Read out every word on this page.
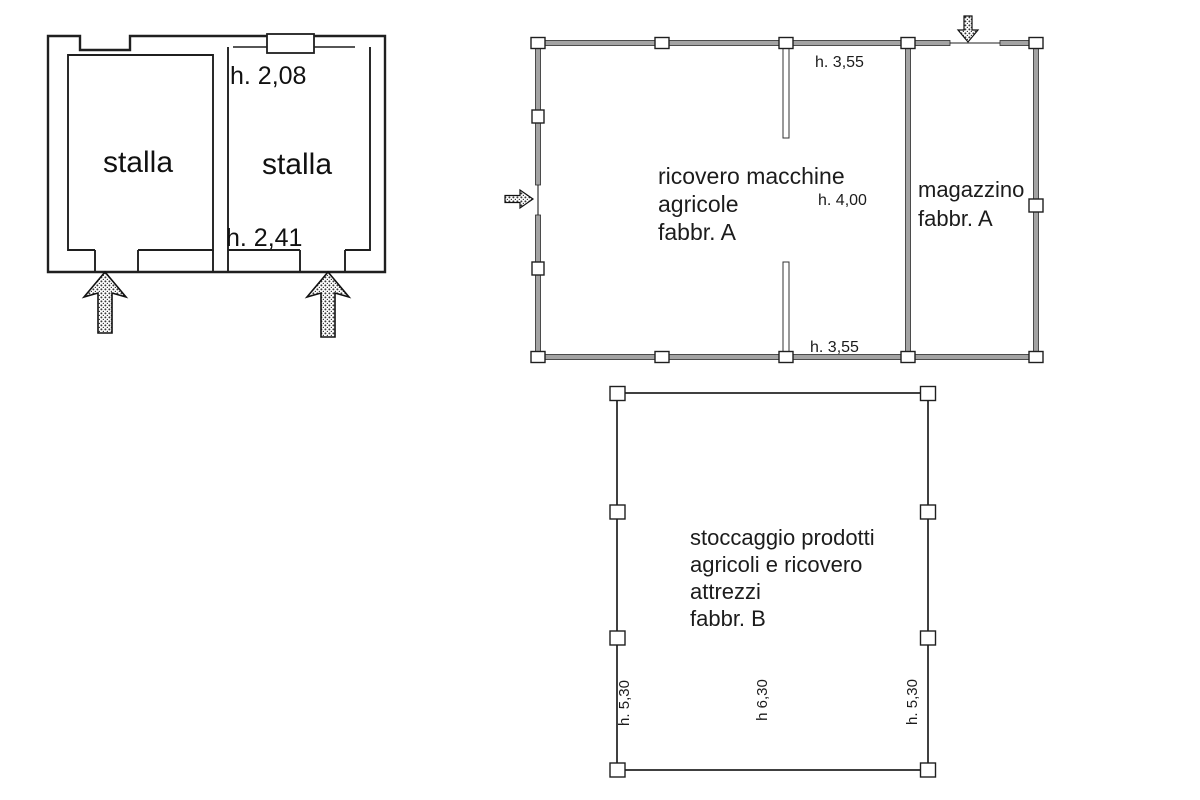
stalla	stalla
h. 2,08
h. 2,41
h. 3,55
ricovero macchine
agricole
fabbr. A
h. 4,00 magazzino
fabbr. A
h. 3,55
stoccaggio prodotti
agricoli e ricovero
attrezzi
fabbr. B
h. 5,30	h 6,30	h. 5,30
